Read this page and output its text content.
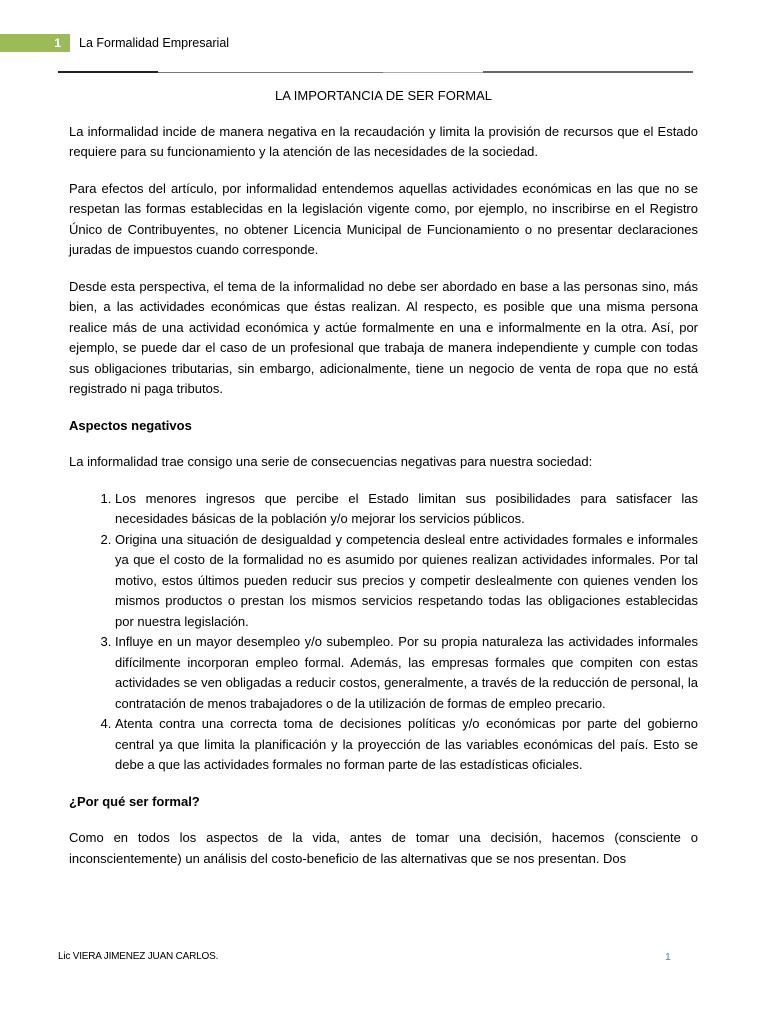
1	La Formalidad Empresarial
LA IMPORTANCIA DE SER FORMAL

La informalidad incide de manera negativa en la recaudación y limita la provisión de recursos que el Estado requiere para su funcionamiento y la atención de las necesidades de la sociedad.

Para efectos del artículo, por informalidad entendemos aquellas actividades económicas en las que no se respetan las formas establecidas en la legislación vigente como, por ejemplo, no inscribirse en el Registro Único de Contribuyentes, no obtener Licencia Municipal de Funcionamiento o no presentar declaraciones juradas de impuestos cuando corresponde.

Desde esta perspectiva, el tema de la informalidad no debe ser abordado en base a las personas sino, más bien, a las actividades económicas que éstas realizan. Al respecto, es posible que una misma persona realice más de una actividad económica y actúe formalmente en una e informalmente en la otra. Así, por ejemplo, se puede dar el caso de un profesional que trabaja de manera independiente y cumple con todas sus obligaciones tributarias, sin embargo, adicionalmente, tiene un negocio de venta de ropa que no está registrado ni paga tributos.

Aspectos negativos

La informalidad trae consigo una serie de consecuencias negativas para nuestra sociedad:

1. Los menores ingresos que percibe el Estado limitan sus posibilidades para satisfacer las necesidades básicas de la población y/o mejorar los servicios públicos.
2. Origina una situación de desigualdad y competencia desleal entre actividades formales e informales ya que el costo de la formalidad no es asumido por quienes realizan actividades informales. Por tal motivo, estos últimos pueden reducir sus precios y competir deslealmente con quienes venden los mismos productos o prestan los mismos servicios respetando todas las obligaciones establecidas por nuestra legislación.
3. Influye en un mayor desempleo y/o subempleo. Por su propia naturaleza las actividades informales difícilmente incorporan empleo formal. Además, las empresas formales que compiten con estas actividades se ven obligadas a reducir costos, generalmente, a través de la reducción de personal, la contratación de menos trabajadores o de la utilización de formas de empleo precario.
4. Atenta contra una correcta toma de decisiones políticas y/o económicas por parte del gobierno central ya que limita la planificación y la proyección de las variables económicas del país. Esto se debe a que las actividades formales no forman parte de las estadísticas oficiales.
¿Por qué ser formal?

Como en todos los aspectos de la vida, antes de tomar una decisión, hacemos (consciente o inconscientemente) un análisis del costo-beneficio de las alternativas que se nos presentan. Dos

Lic VIERA JIMENEZ JUAN CARLOS.	1
